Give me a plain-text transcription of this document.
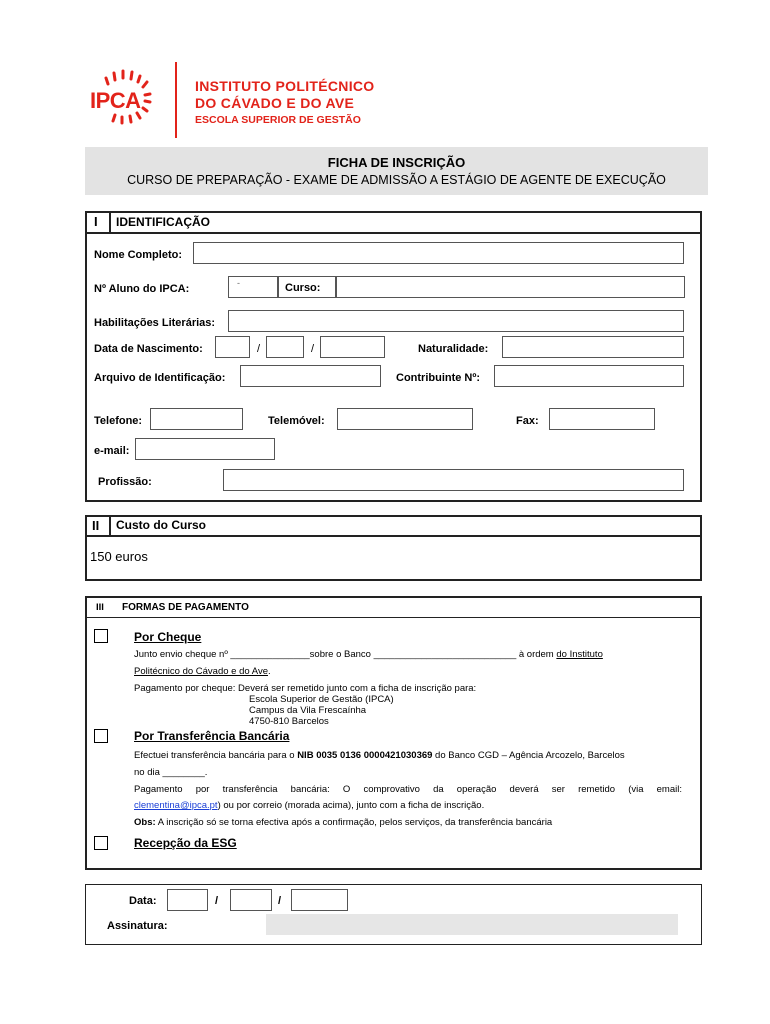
IPCA
INSTITUTO POLITÉCNICO
DO CÁVADO E DO AVE
ESCOLA SUPERIOR DE GESTÃO
FICHA DE INSCRIÇÃO
CURSO DE PREPARAÇÃO - EXAME DE ADMISSÃO A ESTÁGIO DE AGENTE DE EXECUÇÃO
I IDENTIFICAÇÃO
Nome Completo:
Nº Aluno do IPCA:	-	Curso:
Habilitações Literárias:
Data de Nascimento:	/	/	Naturalidade:
Arquivo de Identificação:	Contribuinte Nº:
Telefone:	Telemóvel:	Fax:
e-mail:
Profissão:
II Custo do Curso
150 euros
III FORMAS DE PAGAMENTO
Por Cheque
Junto envio cheque nº _______________sobre o Banco ___________________________ à ordem do Instituto
Politécnico do Cávado e do Ave.
Pagamento por cheque: Deverá ser remetido junto com a ficha de inscrição para:
Escola Superior de Gestão (IPCA)
Campus da Vila Frescaínha
4750-810 Barcelos
Por Transferência Bancária
Efectuei transferência bancária para o NIB 0035 0136 0000421030369 do Banco CGD – Agência Arcozelo, Barcelos
no dia ________.
Pagamento por transferência bancária: O comprovativo da operação deverá ser remetido (via email:
clementina@ipca.pt) ou por correio (morada acima), junto com a ficha de inscrição.
Obs: A inscrição só se torna efectiva após a confirmação, pelos serviços, da transferência bancária
Recepção da ESG
Data:	/	/
Assinatura:
